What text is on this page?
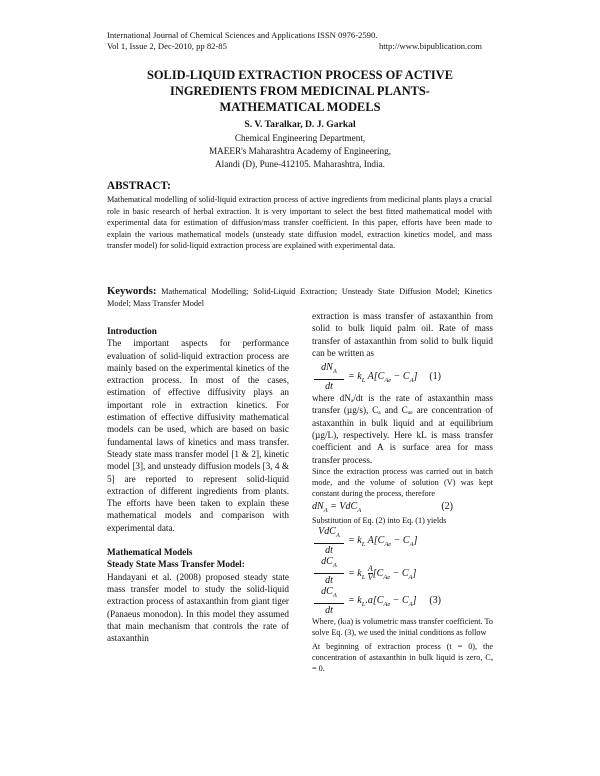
International Journal of Chemical Sciences and Applications ISSN 0976-2590.
Vol 1, Issue 2, Dec-2010, pp 82-85	http://www.bipublication.com
SOLID-LIQUID EXTRACTION PROCESS OF ACTIVE
INGREDIENTS FROM MEDICINAL PLANTS-
MATHEMATICAL MODELS
S. V. Taralkar, D. J. Garkal
Chemical Engineering Department,
MAEER's Maharashtra Academy of Engineering,
Alandi (D), Pune-412105. Maharashtra, India.
ABSTRACT:
Mathematical modelling of solid-liquid extraction process of active ingredients from medicinal plants plays a crucial role in basic research of herbal extraction. It is very important to select the best fitted mathematical model with experimental data for estimation of diffusion/mass transfer coefficient. In this paper, efforts have been made to explain the various mathematical models (unsteady state diffusion model, extraction kinetics model, and mass transfer model) for solid-liquid extraction process are explained with experimental data.
Keywords: Mathematical Modelling; Solid-Liquid Extraction; Unsteady State Diffusion Model; Kinetics Model; Mass Transfer Model
Introduction
The important aspects for performance evaluation of solid-liquid extraction process are mainly based on the experimental kinetics of the extraction process. In most of the cases, estimation of effective diffusivity plays an important role in extraction kinetics. For estimation of effective diffusivity mathematical models can be used, which are based on basic fundamental laws of kinetics and mass transfer. Steady state mass transfer model [1 & 2], kinetic model [3], and unsteady diffusion models [3, 4 & 5] are reported to represent solid-liquid extraction of different ingredients from plants. The efforts have been taken to explain these mathematical models and comparison with experimental data.
Mathematical Models
Steady State Mass Transfer Model:
Handayani et al. (2008) proposed steady state mass transfer model to study the solid-liquid extraction process of astaxanthin from giant tiger (Panaeus monodon). In this model they assumed that main mechanism that controls the rate of astaxanthin
extraction is mass transfer of astaxanthin from solid to bulk liquid palm oil. Rate of mass transfer of astaxanthin from solid to bulk liquid can be written as
$dN_A$
dt
= $k_L$ $A[C_{Ae} - C_A]$ (1)
where dNₐ/dt is the rate of astaxanthin mass transfer (µg/s), Cₐ and Cₐₑ are concentration of astaxanthin in bulk liquid and at equilibrium (µg/L), respectively. Here kL is mass transfer coefficient and A is surface area for mass transfer process.
Since the extraction process was carried out in batch mode, and the volume of solution (V) was kept constant during the process, therefore
$dN_A = VdC_A$	(2)
Substitution of Eq. (2) into Eq. (1) yields
VdC$_A$
dt
= $k_L$ $A[C_{Ae} - C_A]$
$dC_A$
dt
= $k_L \frac{A}{V}[C_{Ae} - C_A]$
$dC_A$
dt
= $k_L.a[C_{Ae} - C_A]$ (3)
Where, (kₗa) is volumetric mass transfer coefficient. To solve Eq. (3), we used the initial conditions as follow
At beginning of extraction process (t = 0), the concentration of astaxanthin in bulk liquid is zero, Cₐ = 0.
